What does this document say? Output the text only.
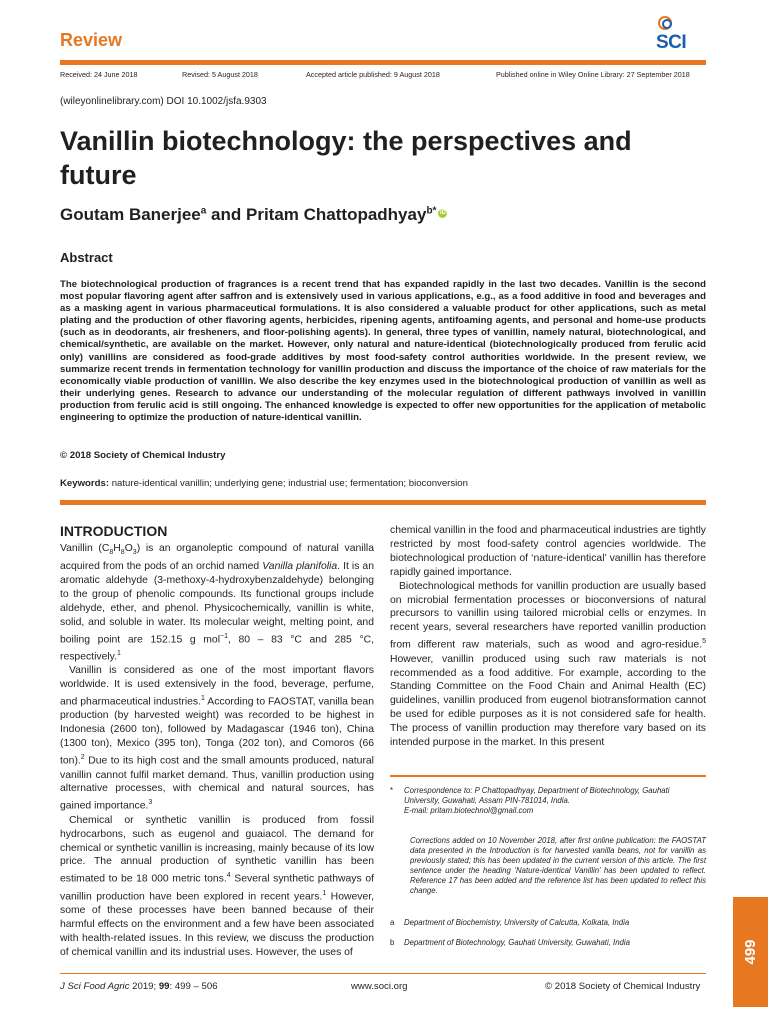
Review	SCI
Received: 24 June 2018	Revised: 5 August 2018	Accepted article published: 9 August 2018	Published online in Wiley Online Library: 27 September 2018
(wileyonlinelibrary.com) DOI 10.1002/jsfa.9303
Vanillin biotechnology: the perspectives and future
Goutam Banerjee$^a$ and Pritam Chattopadhyay$^{b*}$ iD
Abstract

The biotechnological production of fragrances is a recent trend that has expanded rapidly in the last two decades. Vanillin is the second most popular flavoring agent after saffron and is extensively used in various applications, e.g., as a food additive in food and beverages and as a masking agent in various pharmaceutical formulations. It is also considered a valuable product for other applications, such as metal plating and the production of other flavoring agents, herbicides, ripening agents, antifoaming agents, and personal and home-use products (such as in deodorants, air fresheners, and floor-polishing agents). In general, three types of vanillin, namely natural, biotechnological, and chemical/synthetic, are available on the market. However, only natural and nature-identical (biotechnologically produced from ferulic acid only) vanillins are considered as food-grade additives by most food-safety control authorities worldwide. In the present review, we summarize recent trends in fermentation technology for vanillin production and discuss the importance of the choice of raw materials for the economically viable production of vanillin. We also describe the key enzymes used in the biotechnological production of vanillin as well as their underlying genes. Research to advance our understanding of the molecular regulation of different pathways involved in vanillin production from ferulic acid is still ongoing. The enhanced knowledge is expected to offer new opportunities for the application of metabolic engineering to optimize the production of nature-identical vanillin.

© 2018 Society of Chemical Industry
Keywords: nature-identical vanillin; underlying gene; industrial use; fermentation; bioconversion
INTRODUCTION

Vanillin $(C_8H_8O_3)$ is an organoleptic compound of natural vanilla acquired from the pods of an orchid named Vanilla planifolia. It is an aromatic aldehyde (3-methoxy-4-hydroxybenzaldehyde) belonging to the group of phenolic compounds. Its functional groups include aldehyde, ether, and phenol. Physicochemically, vanillin is white, solid, and soluble in water. Its molecular weight, melting point, and boiling point are 152.15 g mol$^{-1}$, 80 – 83 °C and 285 °C, respectively.$^1$

Vanillin is considered as one of the most important flavors worldwide. It is used extensively in the food, beverage, perfume, and pharmaceutical industries.$^1$ According to FAOSTAT, vanilla bean production (by harvested weight) was recorded to be highest in Indonesia (2600 ton), followed by Madagascar (1946 ton), China (1300 ton), Mexico (395 ton), Tonga (202 ton), and Comoros (66 ton).$^2$ Due to its high cost and the small amounts produced, natural vanillin cannot fulfil market demand. Thus, vanillin production using alternative processes, with chemical and natural sources, has gained importance.$^3$

Chemical or synthetic vanillin is produced from fossil hydrocarbons, such as eugenol and guaiacol. The demand for chemical or synthetic vanillin is increasing, mainly because of its low price. The annual production of synthetic vanillin has been estimated to be 18 000 metric tons.$^4$ Several synthetic pathways of vanillin production have been explored in recent years.$^1$ However, some of these processes have been banned because of their harmful effects on the environment and a few have been associated with health-related issues. In this review, we discuss the production of chemical vanillin and its industrial uses. However, the uses of

chemical vanillin in the food and pharmaceutical industries are tightly restricted by most food-safety control agencies worldwide. The biotechnological production of ‘nature-identical’ vanillin has therefore rapidly gained importance.

Biotechnological methods for vanillin production are usually based on microbial fermentation processes or bioconversions of natural precursors to vanillin using tailored microbial cells or enzymes. In recent years, several researchers have reported vanillin production from different raw materials, such as wood and agro-residue.$^5$ However, vanillin produced using such raw materials is not recommended as a food additive. For example, according to the Standing Committee on the Food Chain and Animal Health (EC) guidelines, vanillin produced from eugenol biotransformation cannot be used for edible purposes as it is not considered safe for health. The process of vanillin production may therefore vary based on its intended purpose in the market. In this present

* Correspondence to: P Chattopadhyay, Department of Biotechnology, Gauhati University, Guwahati, Assam PIN-781014, India.
E-mail: pritam.biotechnol@gmail.com
Corrections added on 10 November 2018, after first online publication: the FAOSTAT data presented in the Introduction is for harvested vanilla beans, not for vanillin as previously stated; this has been updated in the current version of this article. The first sentence under the heading ‘Nature-identical Vanillin’ has been updated to reflect. Reference 17 has been added and the reference list has been updated to reflect this change.
a Department of Biochemistry, University of Calcutta, Kolkata, India
b Department of Biotechnology, Gauhati University, Guwahati, India	499
J Sci Food Agric 2019; 99: 499 – 506	www.soci.org	© 2018 Society of Chemical Industry
